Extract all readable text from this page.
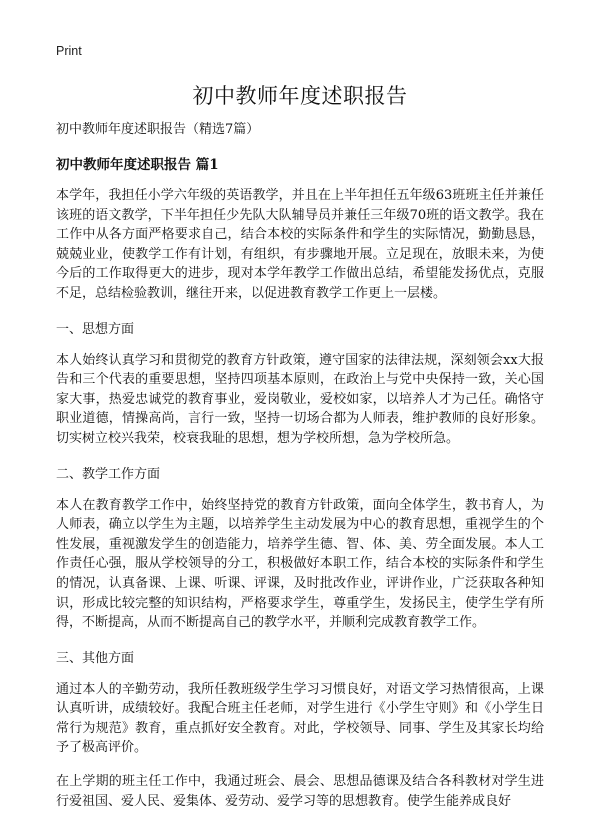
Print
初中教师年度述职报告
初中教师年度述职报告（精选7篇）
初中教师年度述职报告 篇1

本学年，我担任小学六年级的英语教学，并且在上半年担任五年级63班班主任并兼任该班的语文教学，下半年担任少先队大队辅导员并兼任三年级70班的语文教学。我在工作中从各方面严格要求自己，结合本校的实际条件和学生的实际情况，勤勤恳恳，兢兢业业，使教学工作有计划，有组织，有步骤地开展。立足现在，放眼未来，为使今后的工作取得更大的进步，现对本学年教学工作做出总结，希望能发扬优点，克服不足，总结检验教训，继往开来，以促进教育教学工作更上一层楼。

一、思想方面

本人始终认真学习和贯彻党的教育方针政策，遵守国家的法律法规，深刻领会xx大报告和三个代表的重要思想，坚持四项基本原则，在政治上与党中央保持一致，关心国家大事，热爱忠诚党的教育事业，爱岗敬业，爱校如家，以培养人才为己任。确恪守职业道德，情操高尚，言行一致，坚持一切场合都为人师表，维护教师的良好形象。切实树立校兴我荣，校衰我耻的思想，想为学校所想，急为学校所急。

二、教学工作方面

本人在教育教学工作中，始终坚持党的教育方针政策，面向全体学生，教书育人，为人师表，确立以学生为主题，以培养学生主动发展为中心的教育思想，重视学生的个性发展，重视激发学生的创造能力，培养学生德、智、体、美、劳全面发展。本人工作责任心强，服从学校领导的分工，积极做好本职工作，结合本校的实际条件和学生的情况，认真备课、上课、听课、评课，及时批改作业，评讲作业，广泛获取各种知识，形成比较完整的知识结构，严格要求学生，尊重学生，发扬民主，使学生学有所得，不断提高，从而不断提高自己的教学水平，并顺利完成教育教学工作。

三、其他方面

通过本人的辛勤劳动，我所任教班级学生学习习惯良好，对语文学习热情很高，上课认真听讲，成绩较好。我配合班主任老师，对学生进行《小学生守则》和《小学生日常行为规范》教育，重点抓好安全教育。对此，学校领导、同事、学生及其家长均给予了极高评价。

在上学期的班主任工作中，我通过班会、晨会、思想品德课及结合各科教材对学生进行爱祖国、爱人民、爱集体、爱劳动、爱学习等的思想教育。使学生能养成良好
